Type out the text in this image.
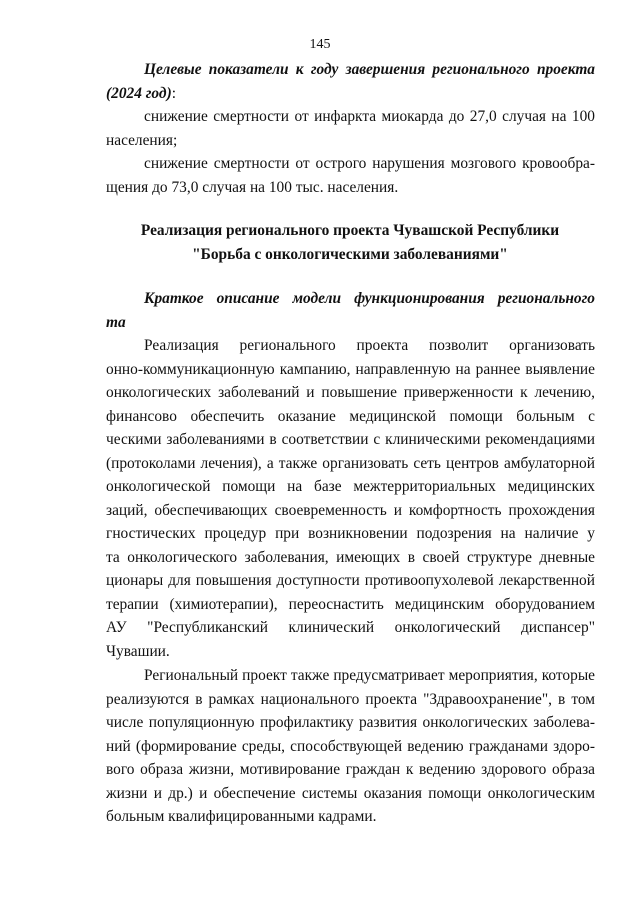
145
Целевые показатели к году завершения регионального проекта
(2024 год):
снижение смертности от инфаркта миокарда до 27,0 случая на 100
населения;
снижение смертности от острого нарушения мозгового кровообра-
щения до 73,0 случая на 100 тыс. населения.
Реализация регионального проекта Чувашской Республики
"Борьба с онкологическими заболеваниями"
Краткое описание модели функционирования регионального
та
Реализация регионального проекта позволит организовать
онно-коммуникационную кампанию, направленную на раннее выявление
онкологических заболеваний и повышение приверженности к лечению,
финансово обеспечить оказание медицинской помощи больным с
ческими заболеваниями в соответствии с клиническими рекомендациями
(протоколами лечения), а также организовать сеть центров амбулаторной
онкологической помощи на базе межтерриториальных медицинских
заций, обеспечивающих своевременность и комфортность прохождения
гностических процедур при возникновении подозрения на наличие у
та онкологического заболевания, имеющих в своей структуре дневные
ционары для повышения доступности противоопухолевой лекарственной
терапии (химиотерапии), переоснастить медицинским оборудованием
АУ "Республиканский клинический онкологический диспансер"
Чувашии.
Региональный проект также предусматривает мероприятия, которые
реализуются в рамках национального проекта "Здравоохранение", в том
числе популяционную профилактику развития онкологических заболева-
ний (формирование среды, способствующей ведению гражданами здоро-
вого образа жизни, мотивирование граждан к ведению здорового образа
жизни и др.) и обеспечение системы оказания помощи онкологическим
больным квалифицированными кадрами.
